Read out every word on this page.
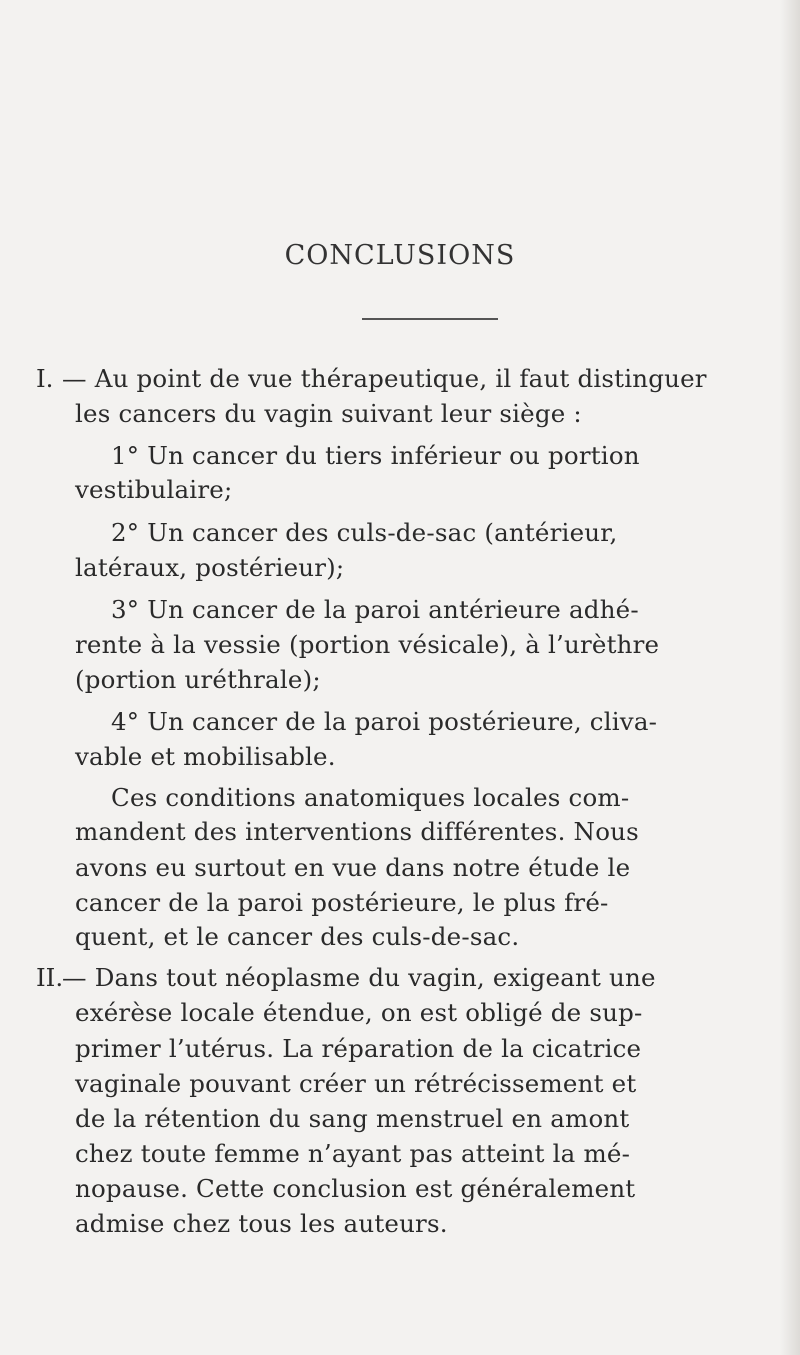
CONCLUSIONS
I. — Au point de vue thérapeutique, il faut distinguer
les cancers du vagin suivant leur siège :
1° Un cancer du tiers inférieur ou portion
vestibulaire;
2° Un cancer des culs-de-sac (antérieur,
latéraux, postérieur);
3° Un cancer de la paroi antérieure adhé-
rente à la vessie (portion vésicale), à l’urèthre
(portion uréthrale);
4° Un cancer de la paroi postérieure, cliva-
vable et mobilisable.
Ces conditions anatomiques locales com-
mandent des interventions différentes. Nous
avons eu surtout en vue dans notre étude le
cancer de la paroi postérieure, le plus fré-
quent, et le cancer des culs-de-sac.
II.
— Dans tout néoplasme du vagin, exigeant une
exérèse locale étendue, on est obligé de sup-
primer l’utérus. La réparation de la cicatrice
vaginale pouvant créer un rétrécissement et
de la rétention du sang menstruel en amont
chez toute femme n’ayant pas atteint la mé-
nopause. Cette conclusion est généralement
admise chez tous les auteurs.
